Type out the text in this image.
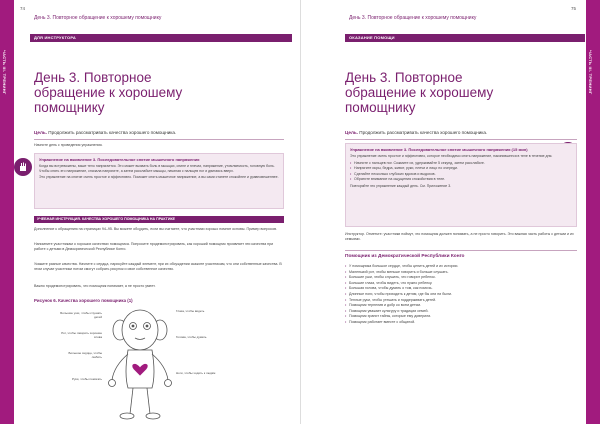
ЧАСТЬ III. ТРЕНИНГ
74
День 3. Повторное обращение к хорошему помощнику
ДЛЯ ИНСТРУКТОРА
День 3. Повторное обращение к хорошему помощнику
Цель. Продолжить рассматривать качества хорошего помощника.
Начните день с проведения упражнения.
Упражнение на вживление 3. Последовательное снятие мышечного напряжения
Когда вы встревожены, ваше тело напрягается. Это может вызвать боль в мышцах, спине и плечах, напряжение, утомляемость, головную боль. Чтобы снять это напряжение, сначала напрягите, а затем расслабьте мышцы, начиная с пальцев ног и двигаясь вверх.
Это упражнение на снятие очень простое и эффективно. Поможет снять мышечное напряжение, а вы сами станете спокойнее и уравновешеннее.
УЧЕБНАЯ ИНСТРУКЦИЯ. КАЧЕСТВА ХОРОШЕГО ПОМОЩНИКА НА ПРАКТИКЕ
Дополнение к обращению на страницах 94–95. Вы можете обсудить, если вы считаете, что участники хорошо помнят основы. Пример вопросов.
Напомните участникам о хороших качествах помощника. Попросите продемонстрировать, как хороший помощник проявляет эти качества при работе с детьми в Демократической Республике Конго.
Укажите разные качества. Начните с сердца, нарисуйте каждый элемент, при их обсуждении скажите участникам, что они собственные качества. В этом случае участники потом смогут собрать рисунок и свое собственное качество.
Важно продемонстрировать, что помощник понимает, а не просто умеет.
Рисунок 6. Качества хорошего помощника (1)
Большие уши, чтобы слушать детей
Рот, чтобы говорить хорошие слова
Большое сердце, чтобы любить
Руки, чтобы помогать
Глаза, чтобы видеть
Голова, чтобы думать
Ноги, чтобы ходить к людям
ЧАСТЬ III. ТРЕНИНГ
75
День 3. Повторное обращение к хорошему помощнику
ОКАЗАНИЕ ПОМОЩИ
День 3. Повторное обращение к хорошему помощнику
Цель. Продолжить рассматривать качества хорошего помощника.
Упражнение на вживление 3. Последовательное снятие мышечного напряжения (15 мин)
Это упражнение очень простое и эффективно, которое необходимо снять напряжение, накопившееся в теле в течение дня.
• Начните с пальцев ног. Сожмите их, удерживайте 5 секунд, затем расслабьте.
• Напрягите икры, бедра, живот, руки, плечи и лицо по очереди.
• Сделайте несколько глубоких вдохов и выдохов.
• Обратите внимание на ощущения спокойствия в теле.
Повторяйте это упражнение каждый день. См. Приложение 3.
Инструктор. Отметьте: участники поймут, что помощник должен понимать, а не просто говорить. Это важная часть работы с детьми и их семьями.
Помощник из Демократической Республики Конго
• У помощника большое сердце, чтобы ценить детей и их истории.
• Маленький рот, чтобы меньше говорить и больше слушать.
• Большие уши, чтобы слушать, что говорит ребенок.
• Большие глаза, чтобы видеть, что нужно ребенку.
• Большая голова, чтобы думать о том, как помочь.
• Длинные ноги, чтобы приходить к детям, где бы они ни были.
• Теплые руки, чтобы утешать и поддерживать детей.
• Помощник терпелив и добр ко всем детям.
• Помощник уважает культуру и традиции семей.
• Помощник хранит тайны, которые ему доверили.
• Помощник работает вместе с общиной.
